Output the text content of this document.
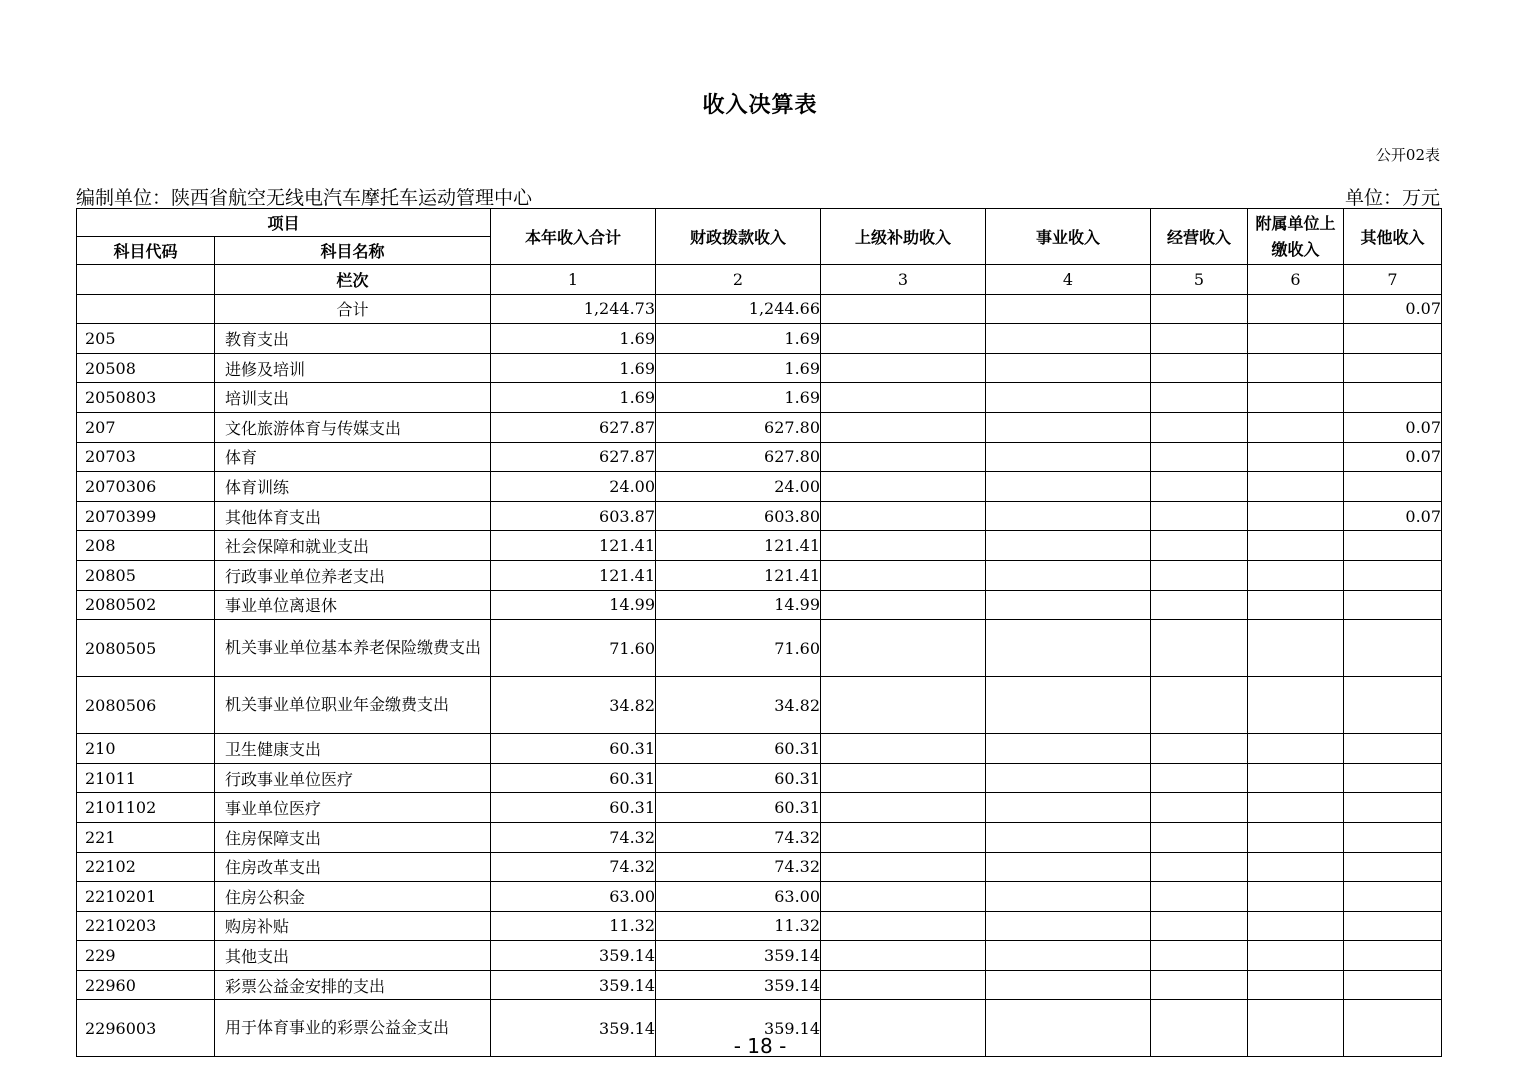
收入决算表
公开02表
编制单位：陕西省航空无线电汽车摩托车运动管理中心	单位：万元
项目		本年收入合计	财政拨款收入	上级补助收入	事业收入	经营收入	附属单位上缴收入	其他收入
科目代码	科目名称							
	栏次	1	2	3	4	5	6	7
	合计	1,244.73	1,244.66					0.07
205	教育支出	1.69	1.69					
20508	进修及培训	1.69	1.69					
2050803	培训支出	1.69	1.69					
207	文化旅游体育与传媒支出	627.87	627.80					0.07
20703	体育	627.87	627.80					0.07
2070306	体育训练	24.00	24.00					
2070399	其他体育支出	603.87	603.80					0.07
208	社会保障和就业支出	121.41	121.41					
20805	行政事业单位养老支出	121.41	121.41					
2080502	事业单位离退休	14.99	14.99					
2080505	机关事业单位基本养老保险缴费支出	71.60	71.60					
2080506	机关事业单位职业年金缴费支出	34.82	34.82					
210	卫生健康支出	60.31	60.31					
21011	行政事业单位医疗	60.31	60.31					
2101102	事业单位医疗	60.31	60.31					
221	住房保障支出	74.32	74.32					
22102	住房改革支出	74.32	74.32					
2210201	住房公积金	63.00	63.00					
2210203	购房补贴	11.32	11.32					
229	其他支出	359.14	359.14					
22960	彩票公益金安排的支出	359.14	359.14					
2296003	用于体育事业的彩票公益金支出	359.14	359.14					
- 18 -
